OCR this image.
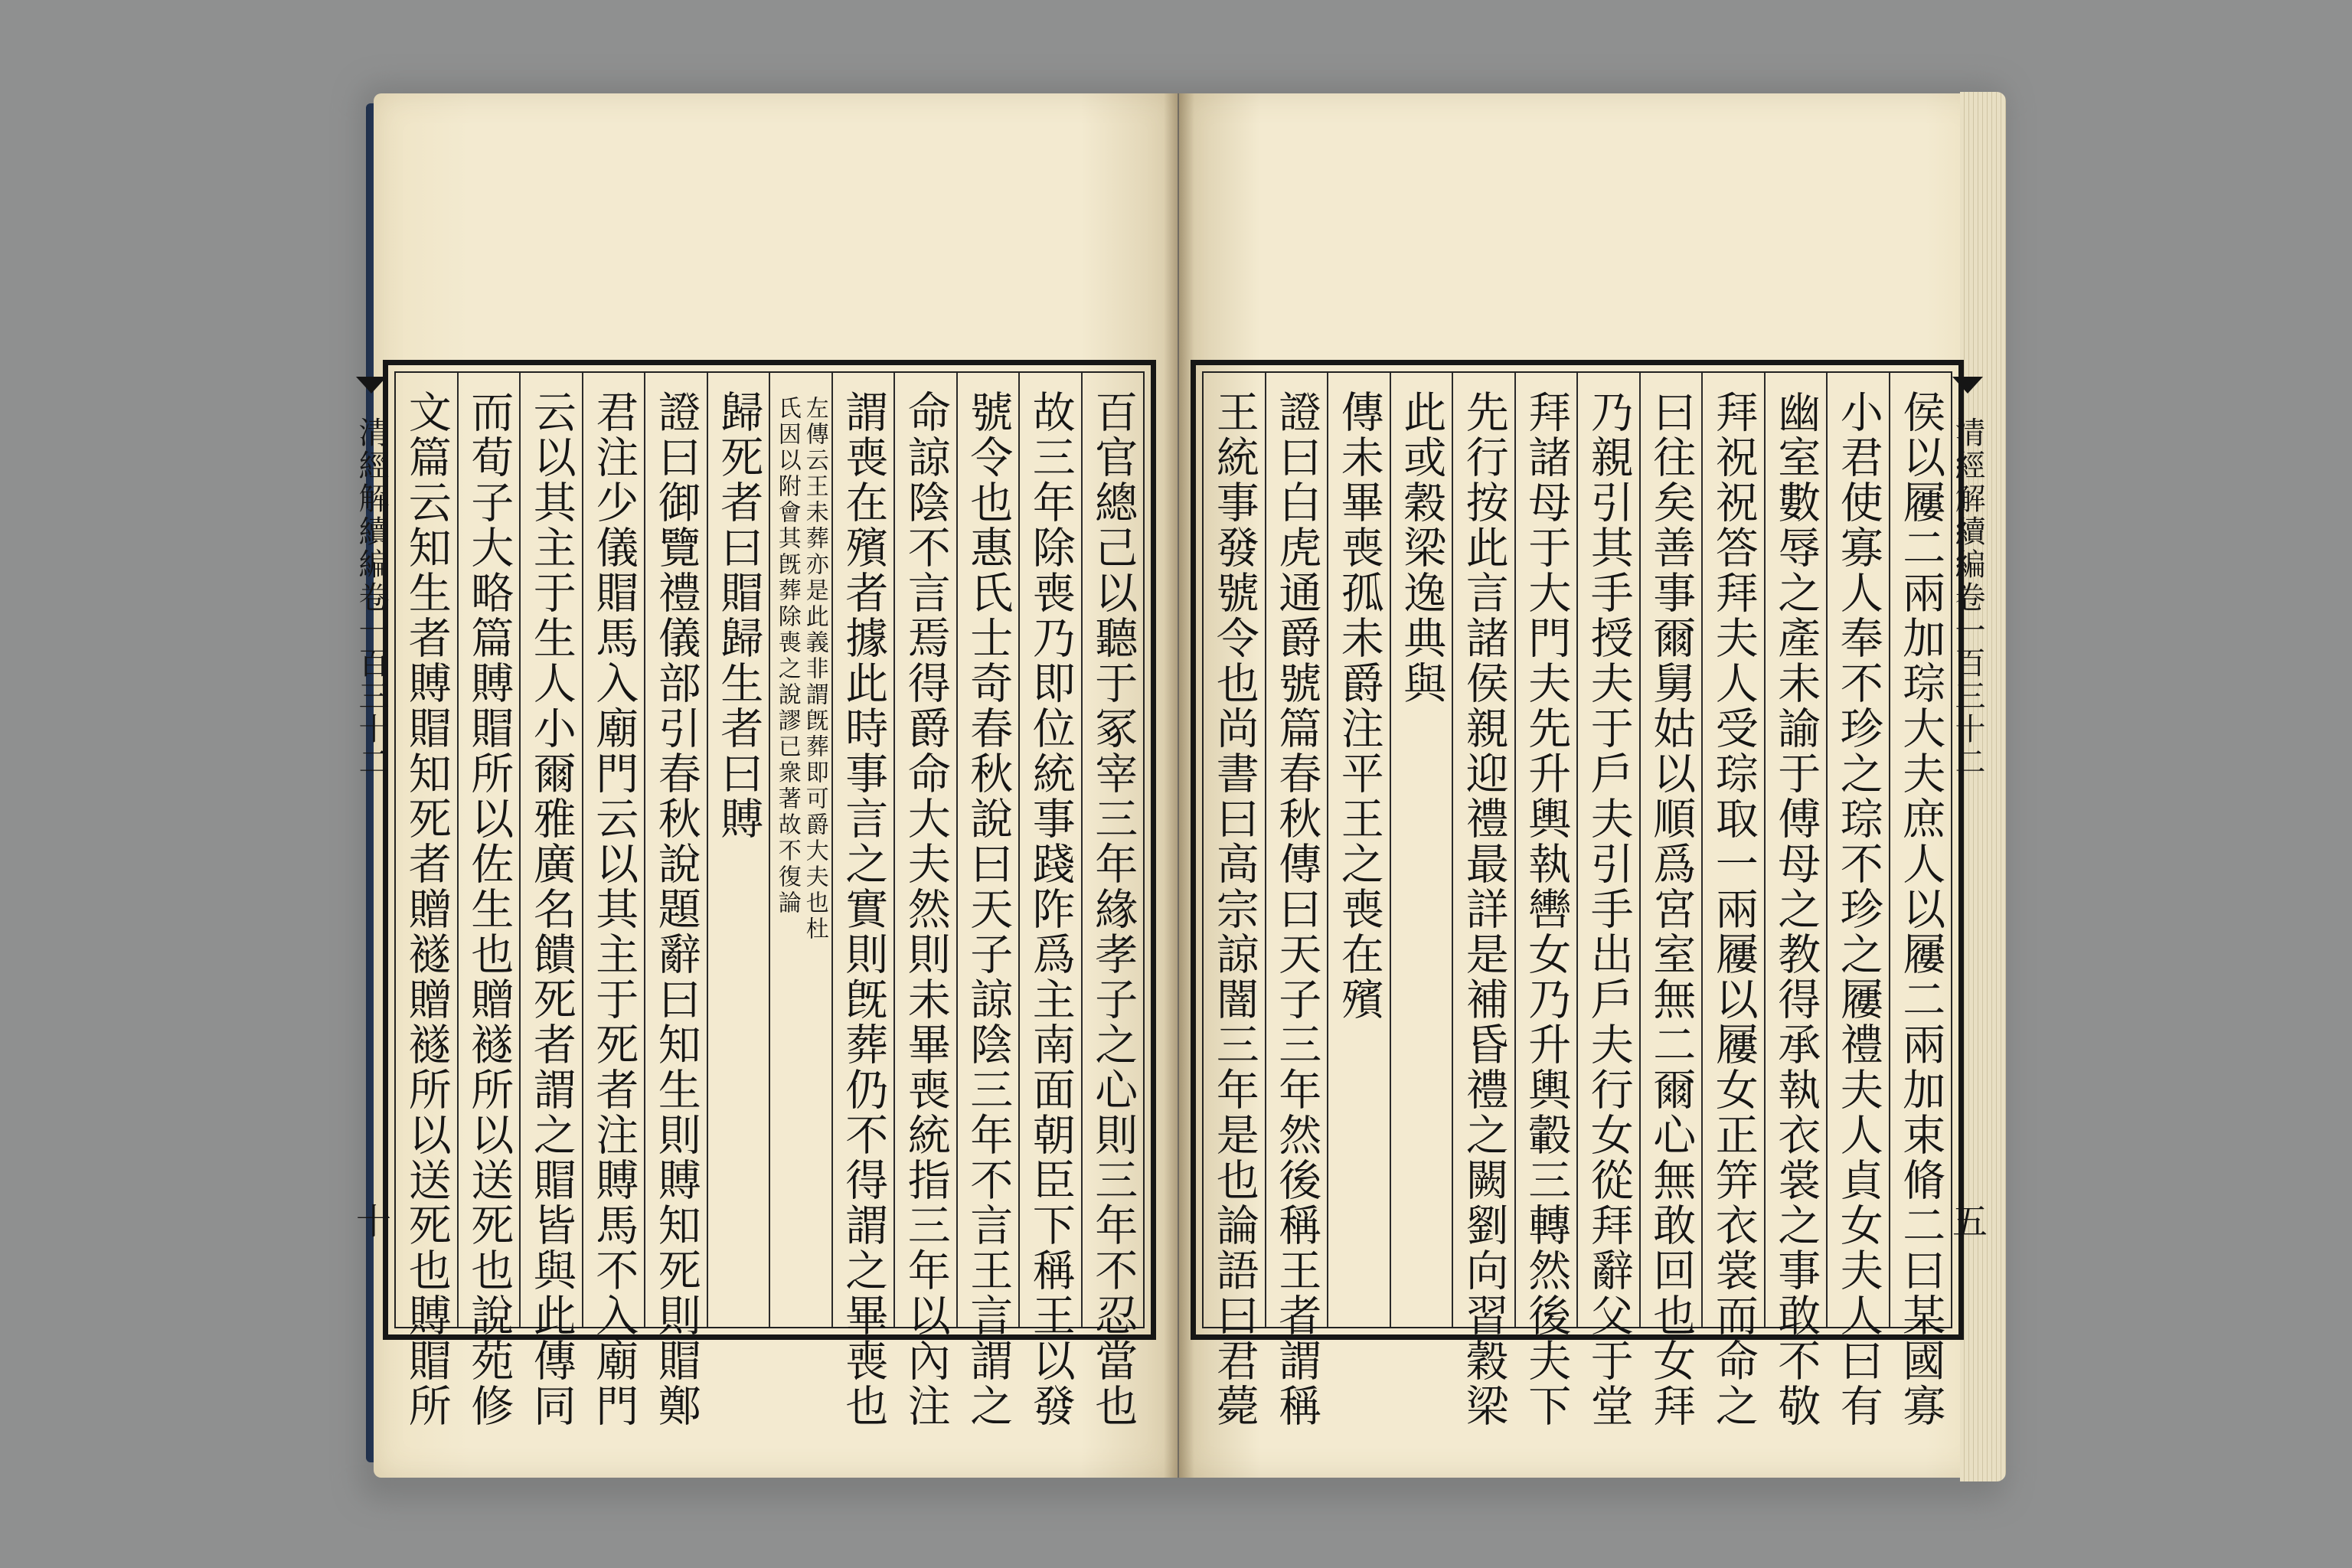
百官總己以聽于冢宰三年緣孝子之心則三年不忍當也
故三年除喪乃即位統事踐阼爲主南面朝臣下稱王以發
號令也惠氏士奇春秋說曰天子諒陰三年不言王言謂之
命諒陰不言焉得爵命大夫然則未畢喪統指三年以內注
謂喪在殯者據此時事言之實則旣葬仍不得謂之畢喪也
左傳云王未葬亦是此義非謂旣葬即可爵大夫也杜
氏因以附會其旣葬除喪之說謬已衆著故不復論
歸死者曰賵歸生者曰賻
證曰御覽禮儀部引春秋說題辭曰知生則賻知死則賵鄭
君注少儀賵馬入廟門云以其主于死者注賻馬不入廟門
云以其主于生人小爾雅廣名饋死者謂之賵皆與此傳同
而荀子大略篇賻賵所以佐生也贈襚所以送死也說苑修
文篇云知生者賻賵知死者贈襚贈襚所以送死也賻賵所
清經解續編卷一百三十二
十	侯以屨二兩加琮大夫庶人以屨二兩加束脩二曰某國寡
小君使寡人奉不珍之琮不珍之屨禮夫人貞女夫人曰有
幽室數辱之產未諭于傅母之教得承執衣裳之事敢不敬
拜祝祝答拜夫人受琮取一兩屨以屨女正笄衣裳而命之
曰往矣善事爾舅姑以順爲宮室無二爾心無敢回也女拜
乃親引其手授夫于戶夫引手出戶夫行女從拜辭父于堂
拜諸母于大門夫先升輿執轡女乃升輿轂三轉然後夫下
先行按此言諸侯親迎禮最詳是補昏禮之闕劉向習穀梁
此或穀梁逸典與
傳未畢喪孤未爵注平王之喪在殯
證曰白虎通爵號篇春秋傳曰天子三年然後稱王者謂稱
王統事發號令也尚書曰高宗諒闇三年是也論語曰君薨	清經解續編卷一百三十二
五
